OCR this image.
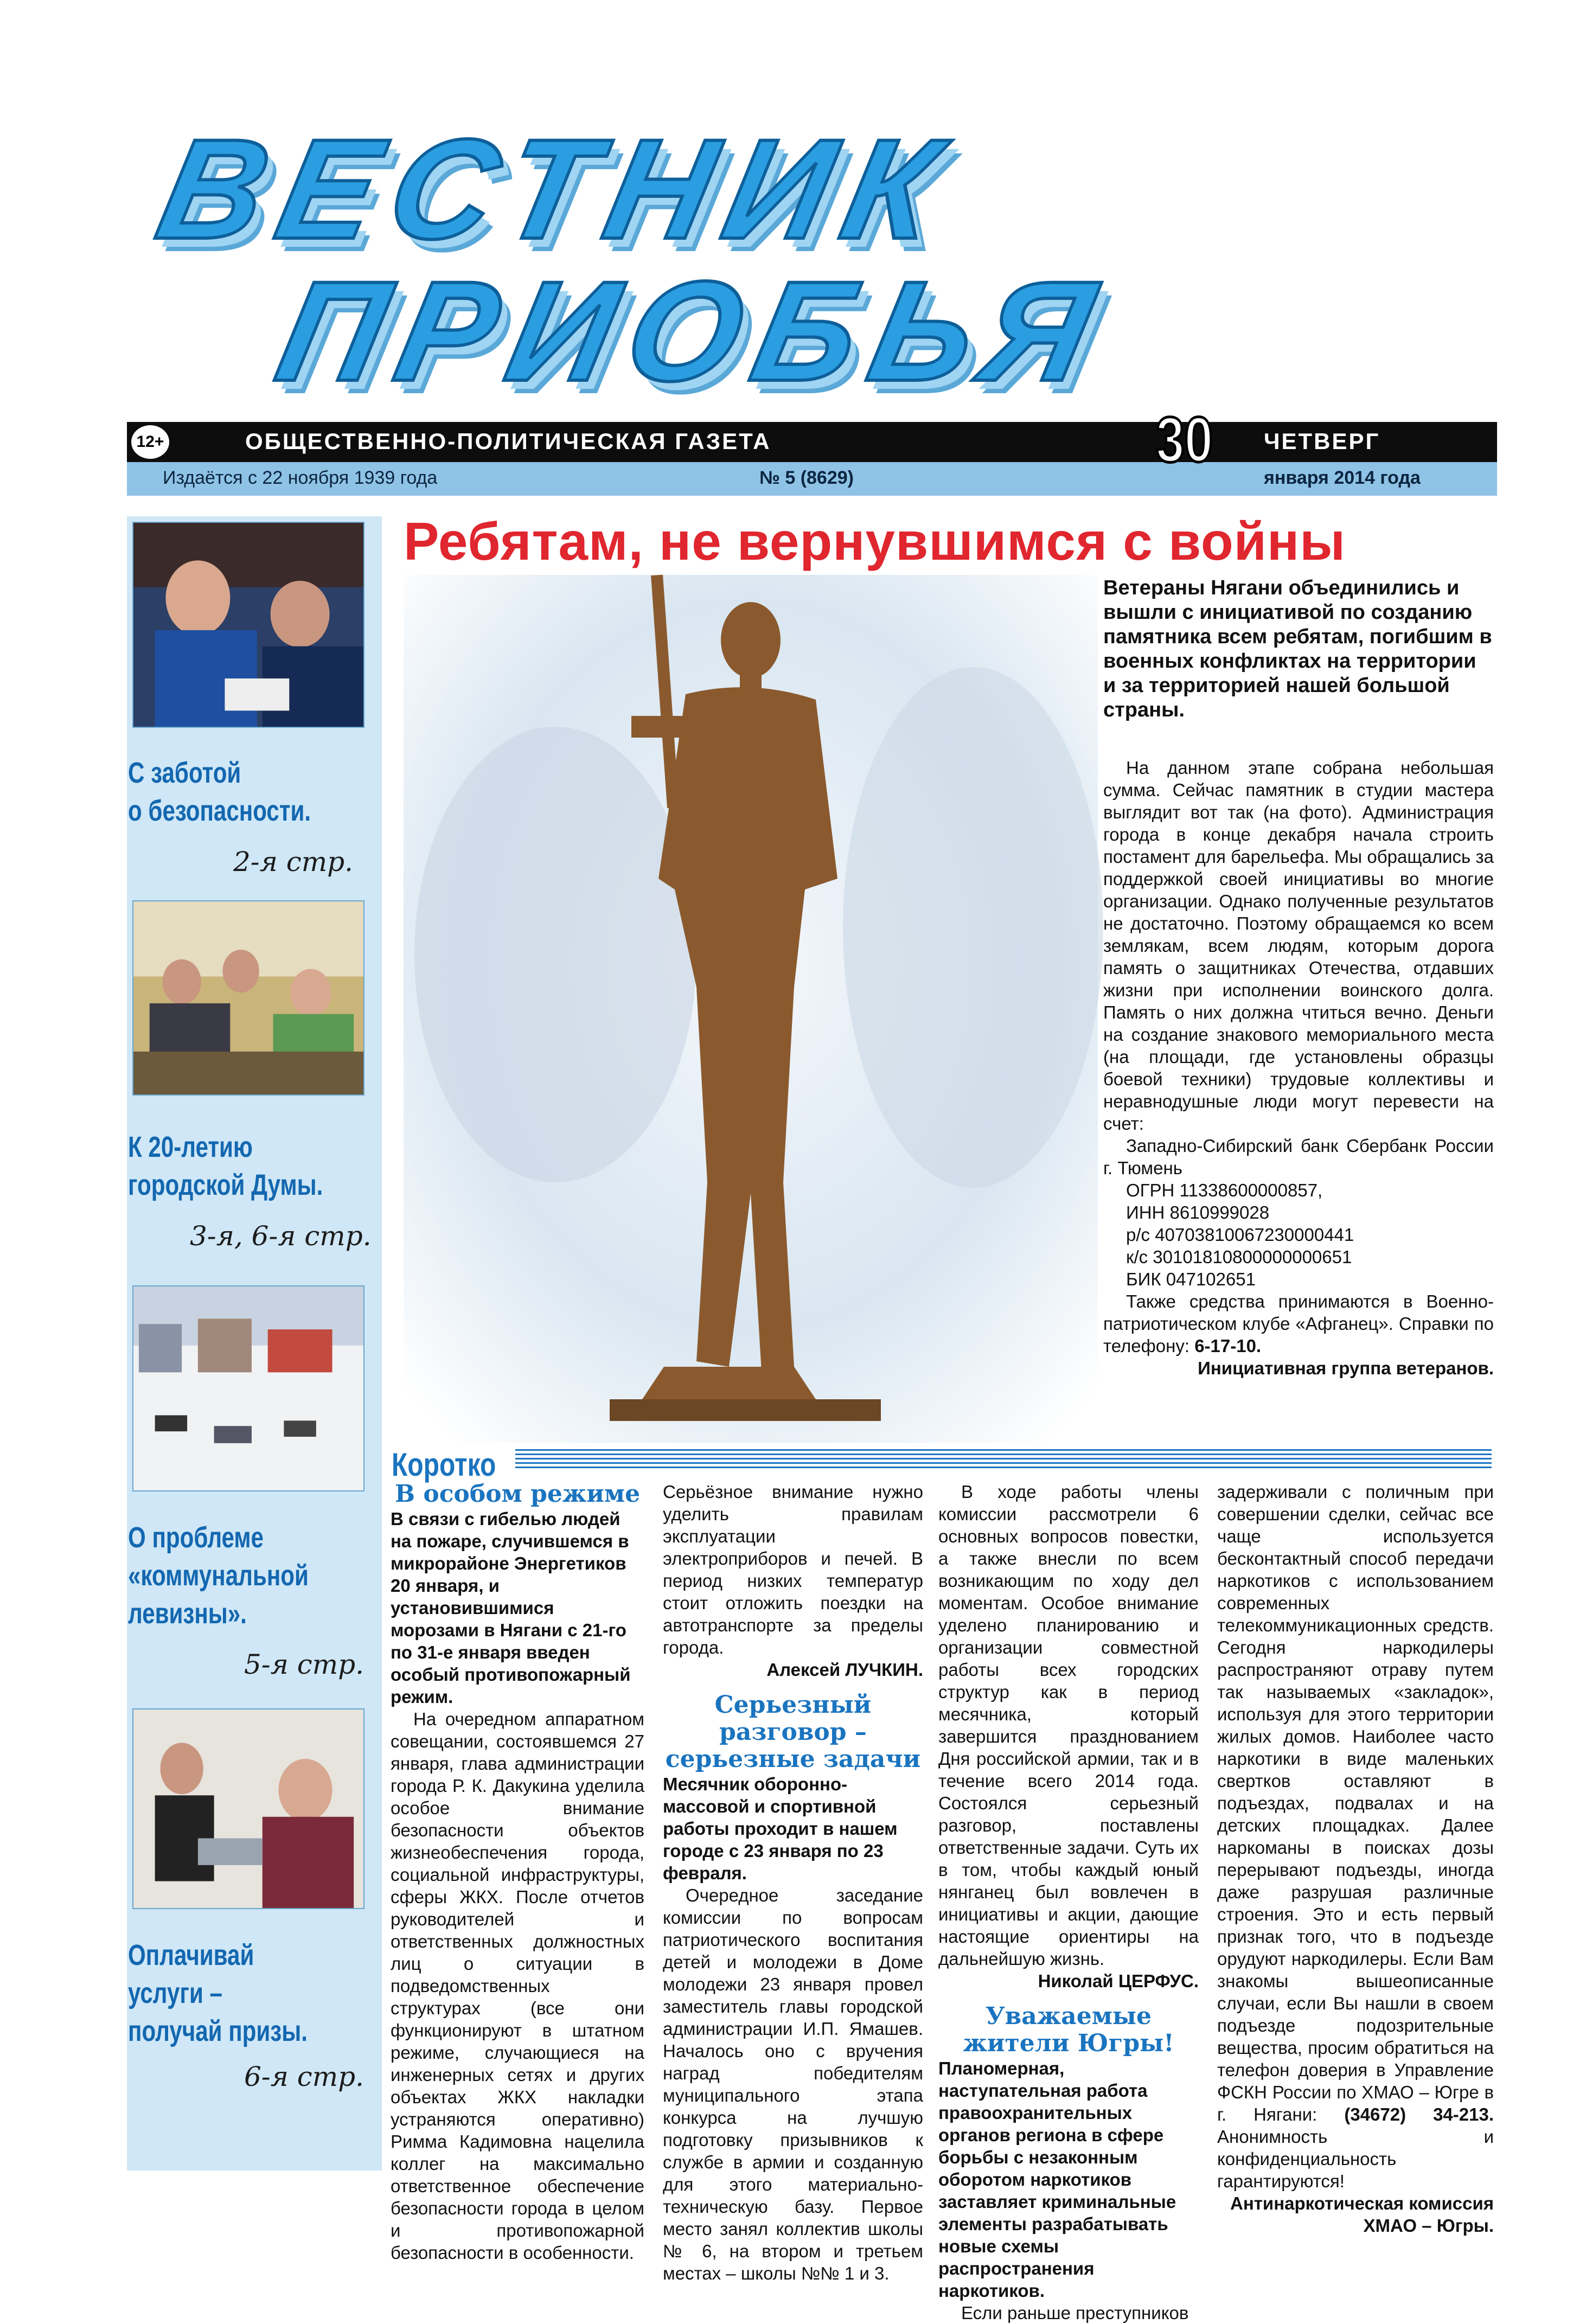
ВЕСТНИК
ПРИОБЬЯ
12+	ОБЩЕСТВЕННО-ПОЛИТИЧЕСКАЯ ГАЗЕТА
Издаётся с 22 ноября 1939 года	№ 5 (8629)
30 ЧЕТВЕРГ
января 2014 года
С заботой
о безопасности.
2-я стр.
К 20-летию
городской Думы.
3-я, 6-я стр.
О проблеме
«коммунальной
левизны».
5-я стр.
Оплачивай
услуги –
получай призы.
6-я стр.
Ребятам, не вернувшимся с войны
Ветераны Нягани объединились и вышли с инициативой по созданию памятника всем ребятам, погибшим в военных конфликтах на территории и за территорией нашей большой страны.

На данном этапе собрана небольшая сумма. Сейчас памятник в студии мастера выглядит вот так (на фото). Администрация города в конце декабря начала строить постамент для барельефа. Мы обращались за поддержкой своей инициативы во многие организации. Однако полученные результатов не достаточно. Поэтому обращаемся ко всем землякам, всем людям, которым дорога память о защитниках Отечества, отдавших жизни при исполнении воинского долга. Память о них должна чтиться вечно. Деньги на создание знакового мемориального места (на площади, где установлены образцы боевой техники) трудовые коллективы и неравнодушные люди могут перевести на счет:

Западно-Сибирский банк Сбербанк России г. Тюмень

ОГРН 11338600000857,

ИНН 8610999028

р/с 40703810067230000441

к/с 30101810800000000651

БИК 047102651

Также средства принимаются в Военно-патриотическом клубе «Афганец». Справки по телефону: 6-17-10.

Инициативная группа ветеранов.

Коротко
В особом режиме

В связи с гибелью людей на пожаре, случившемся в микрорайоне Энергетиков 20 января, и установившимися морозами в Нягани с 21-го по 31-е января введен особый противопожарный режим.

На очередном аппаратном совещании, состоявшемся 27 января, глава администрации города Р. К. Дакукина уделила особое внимание безопасности объектов жизнеобеспечения города, социальной инфраструктуры, сферы ЖКХ. После отчетов руководителей и ответственных должностных лиц о ситуации в подведомственных структурах (все они функционируют в штатном режиме, случающиеся на инженерных сетях и других объектах ЖКХ накладки устраняются оперативно) Римма Кадимовна нацелила коллег на максимально ответственное обеспечение безопасности города в целом и противопожарной безопасности в особенности.

Серьёзное внимание нужно уделить правилам эксплуатации электроприборов и печей. В период низких температур стоит отложить поездки на автотранспорте за пределы города.

Алексей ЛУЧКИН.

Серьезный разговор – серьезные задачи

Месячник оборонно-массовой и спортивной работы проходит в нашем городе с 23 января по 23 февраля.

Очередное заседание комиссии по вопросам патриотического воспитания детей и молодежи в Доме молодежи 23 января провел заместитель главы городской администрации И.П. Ямашев. Началось оно с вручения наград победителям муниципального этапа конкурса на лучшую подготовку призывников к службе в армии и созданную для этого материально-техническую базу. Первое место занял коллектив школы № 6, на втором и третьем местах – школы №№ 1 и 3.

В ходе работы члены комиссии рассмотрели 6 основных вопросов повестки, а также внесли по всем возникающим по ходу дел моментам. Особое внимание уделено планированию и организации совместной работы всех городских структур как в период месячника, который завершится празднованием Дня российской армии, так и в течение всего 2014 года. Состоялся серьезный разговор, поставлены ответственные задачи. Суть их в том, чтобы каждый юный нянганец был вовлечен в инициативы и акции, дающие настоящие ориентиры на дальнейшую жизнь.

Николай ЦЕРФУС.

Уважаемые жители Югры!

Планомерная, наступательная работа правоохранительных органов региона в сфере борьбы с незаконным оборотом наркотиков заставляет криминальные элементы разрабатывать новые схемы распространения наркотиков.

Если раньше преступников

задерживали с поличным при совершении сделки, сейчас все чаще используется бесконтактный способ передачи наркотиков с использованием современных телекоммуникационных средств. Сегодня наркодилеры распространяют отраву путем так называемых «закладок», используя для этого территории жилых домов. Наиболее часто наркотики в виде маленьких свертков оставляют в подъездах, подвалах и на детских площадках. Далее наркоманы в поисках дозы перерывают подъезды, иногда даже разрушая различные строения. Это и есть первый признак того, что в подъезде орудуют наркодилеры. Если Вам знакомы вышеописанные случаи, если Вы нашли в своем подъезде подозрительные вещества, просим обратиться на телефон доверия в Управление ФСКН России по ХМАО – Югре в г. Нягани: (34672) 34-213. Анонимность и конфиденциальность гарантируются!

Антинаркотическая комиссия ХМАО – Югры.
